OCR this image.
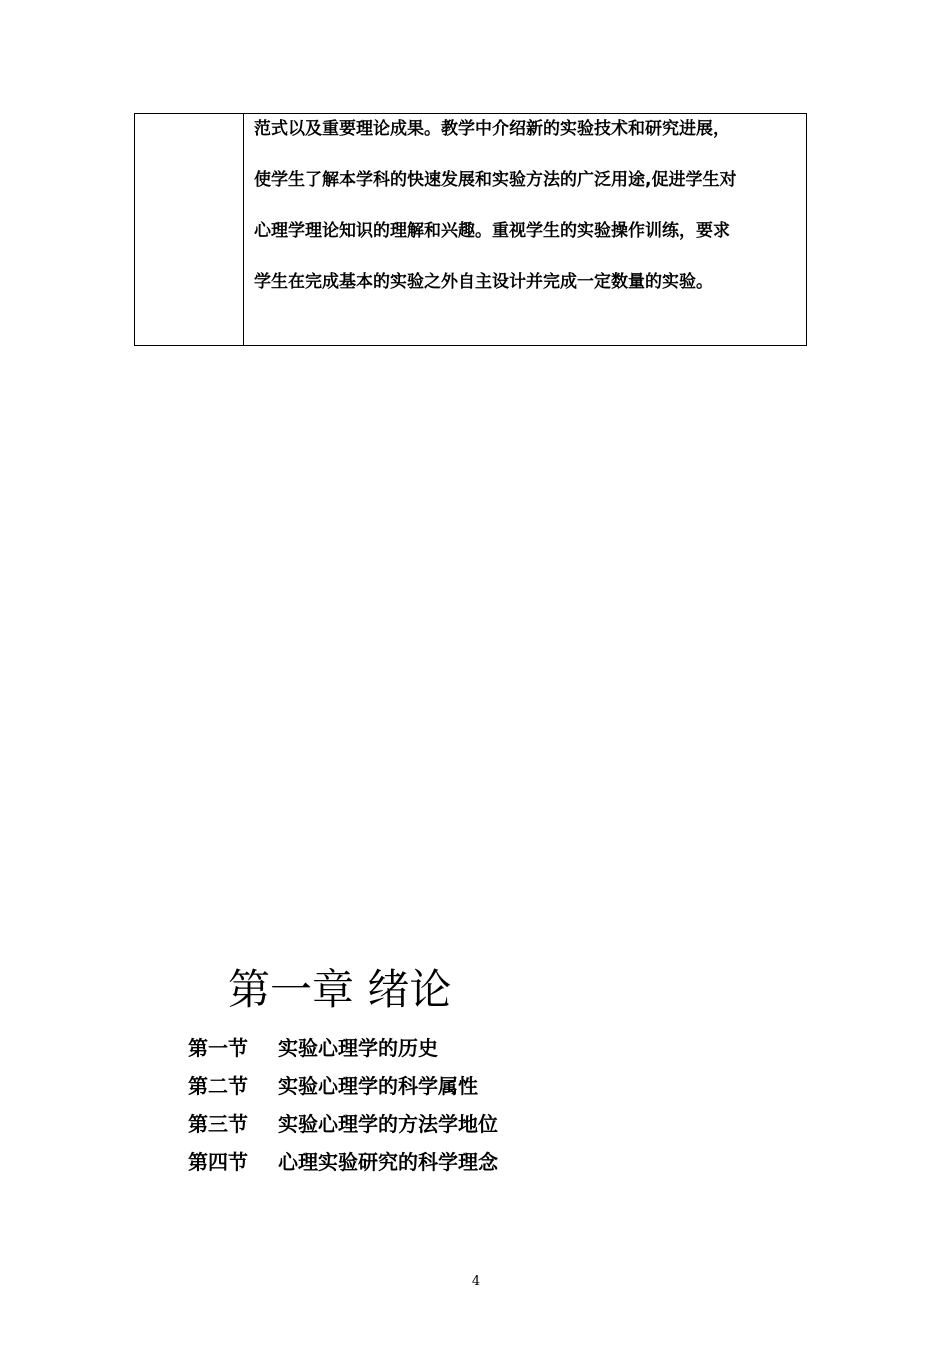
范式以及重要理论成果。教学中介绍新的实验技术和研究进展，
使学生了解本学科的快速发展和实验方法的广泛用途,促进学生对
心理学理论知识的理解和兴趣。重视学生的实验操作训练，要求
学生在完成基本的实验之外自主设计并完成一定数量的实验。
第一章 绪论
第一节	实验心理学的历史
第二节	实验心理学的科学属性
第三节	实验心理学的方法学地位
第四节	心理实验研究的科学理念
4
